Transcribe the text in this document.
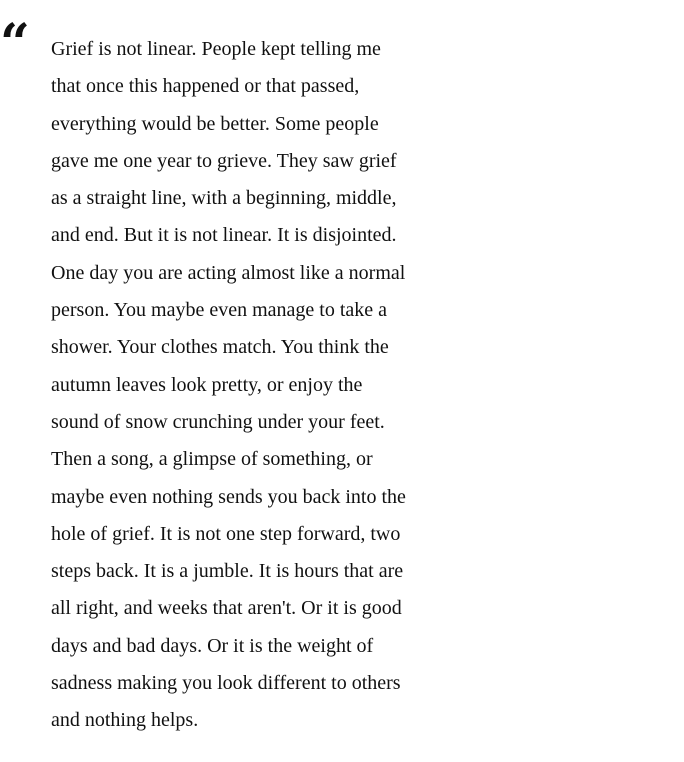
“ Grief is not linear. People kept telling me
that once this happened or that passed,
everything would be better. Some people
gave me one year to grieve. They saw grief
as a straight line, with a beginning, middle,
and end. But it is not linear. It is disjointed.
One day you are acting almost like a normal
person. You maybe even manage to take a
shower. Your clothes match. You think the
autumn leaves look pretty, or enjoy the
sound of snow crunching under your feet.
Then a song, a glimpse of something, or
maybe even nothing sends you back into the
hole of grief. It is not one step forward, two
steps back. It is a jumble. It is hours that are
all right, and weeks that aren't. Or it is good
days and bad days. Or it is the weight of
sadness making you look different to others
and nothing helps.
